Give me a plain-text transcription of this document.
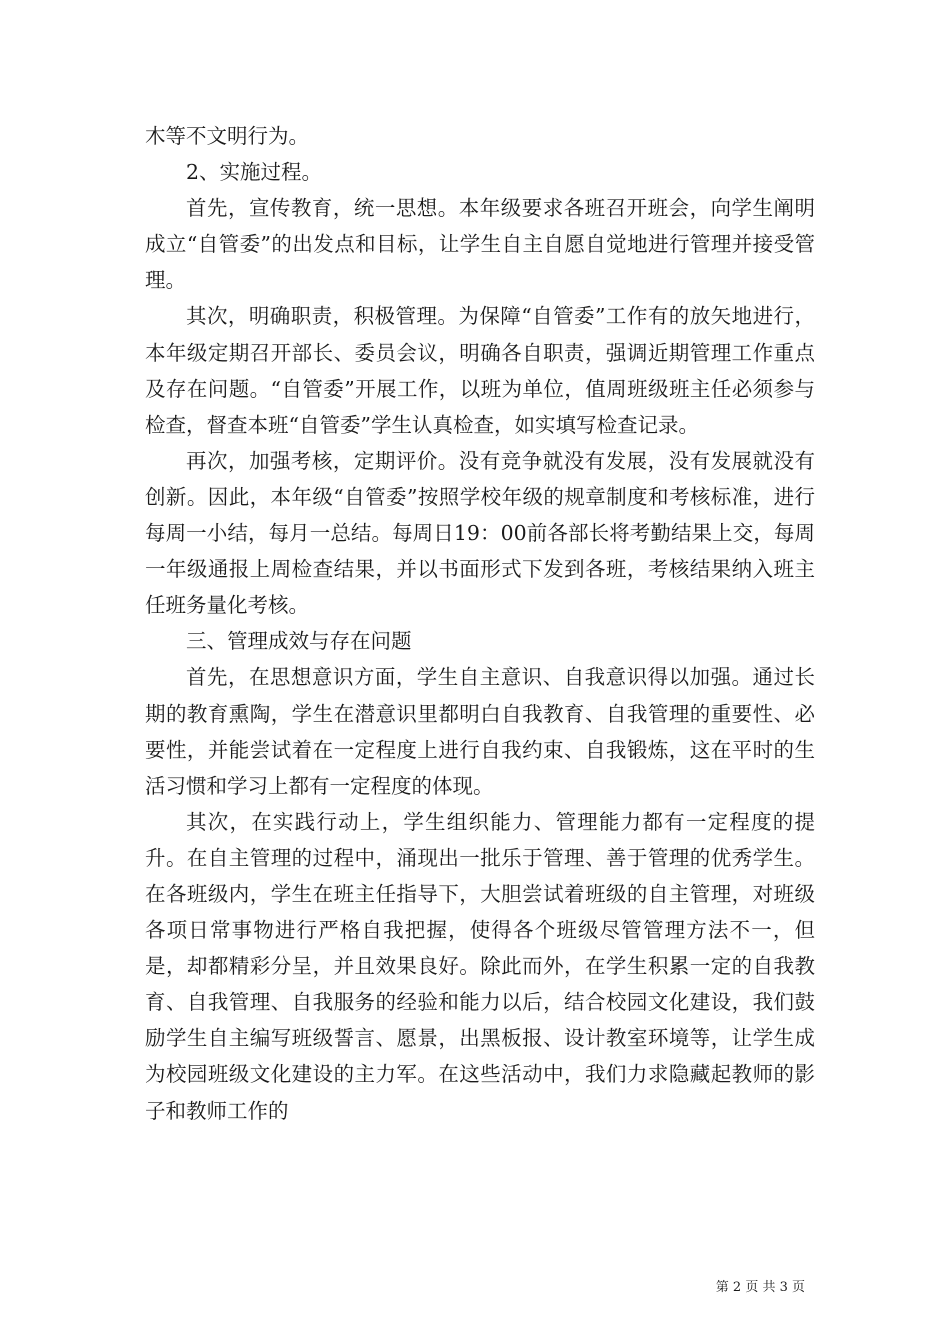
木等不文明行为。

2、实施过程。

首先，宣传教育，统一思想。本年级要求各班召开班会，向学生阐明成立“自管委”的出发点和目标，让学生自主自愿自觉地进行管理并接受管理。

其次，明确职责，积极管理。为保障“自管委”工作有的放矢地进行，本年级定期召开部长、委员会议，明确各自职责，强调近期管理工作重点及存在问题。“自管委”开展工作，以班为单位，值周班级班主任必须参与检查，督查本班“自管委”学生认真检查，如实填写检查记录。

再次，加强考核，定期评价。没有竞争就没有发展，没有发展就没有创新。因此，本年级“自管委”按照学校年级的规章制度和考核标准，进行每周一小结，每月一总结。每周日19：00前各部长将考勤结果上交，每周一年级通报上周检查结果，并以书面形式下发到各班，考核结果纳入班主任班务量化考核。

三、管理成效与存在问题

首先，在思想意识方面，学生自主意识、自我意识得以加强。通过长期的教育熏陶，学生在潜意识里都明白自我教育、自我管理的重要性、必要性，并能尝试着在一定程度上进行自我约束、自我锻炼，这在平时的生活习惯和学习上都有一定程度的体现。

其次，在实践行动上，学生组织能力、管理能力都有一定程度的提升。在自主管理的过程中，涌现出一批乐于管理、善于管理的优秀学生。在各班级内，学生在班主任指导下，大胆尝试着班级的自主管理，对班级各项日常事物进行严格自我把握，使得各个班级尽管管理方法不一，但是，却都精彩分呈，并且效果良好。除此而外，在学生积累一定的自我教育、自我管理、自我服务的经验和能力以后，结合校园文化建设，我们鼓励学生自主编写班级誓言、愿景，出黑板报、设计教室环境等，让学生成为校园班级文化建设的主力军。在这些活动中，我们力求隐藏起教师的影子和教师工作的

第 2 页 共 3 页
